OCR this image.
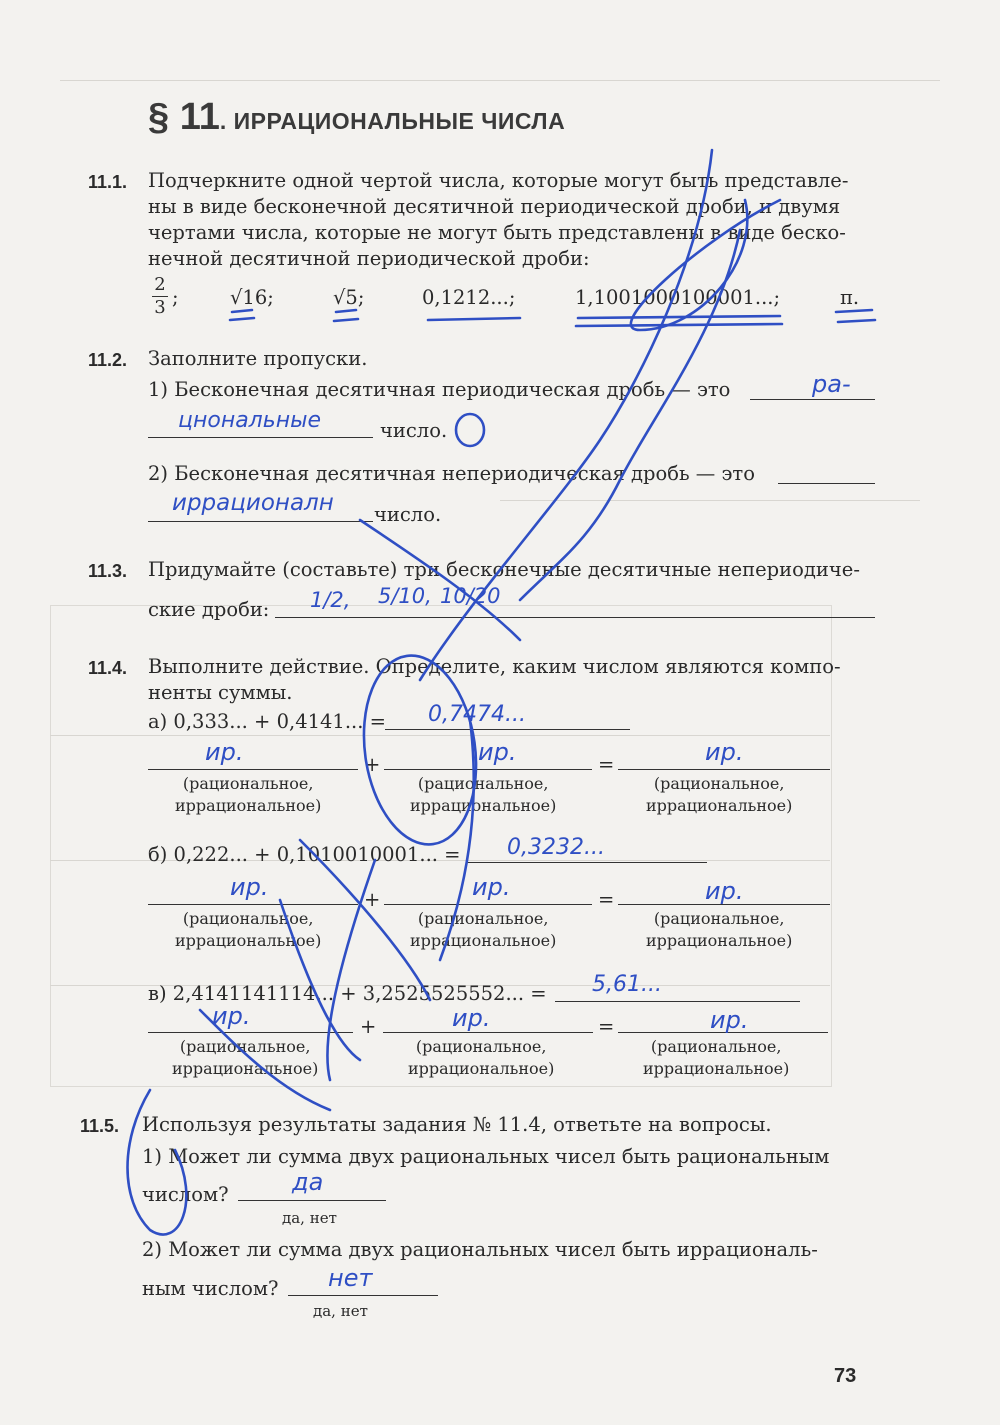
§ 11. ИРРАЦИОНАЛЬНЫЕ ЧИСЛА
11.1. Подчеркните одной чертой числа, которые могут быть представле-
ны в виде бесконечной десятичной периодической дроби, и двумя
чертами числа, которые не могут быть представлены в виде беско-
нечной десятичной периодической дроби:
2
3 ;	√16;	√5;	0,1212...;	1,1001000100001...;	π.
11.2. Заполните пропуски.
1) Бесконечная десятичная периодическая дробь — это	ра-
цнональные	число.
2) Бесконечная десятичная непериодическая дробь — это
иррационалн число.
11.3. Придумайте (составьте) три бесконечные десятичные непериодиче-
ские дроби: 1/2, 5/10, 10/20
11.4. Выполните действие. Определите, каким числом являются компо-
ненты суммы.
а) 0,333... + 0,4141... = 0,7474...
+	=
ир.	ир.	ир.
(рациональное,
иррациональное)
(рациональное,
иррациональное)
(рациональное,
иррациональное)
б) 0,222... + 0,1010010001... = 0,3232...
+	=
ир.	ир.	ир.
(рациональное,
иррациональное)
(рациональное,
иррациональное)
(рациональное,
иррациональное)
в) 2,4141141114... + 3,2525525552... = 5,61...
+	=
ир.	ир.	ир.
(рациональное,
иррациональное)
(рациональное,
иррациональное)
(рациональное,
иррациональное)
11.5. Используя результаты задания № 11.4, ответьте на вопросы.
1) Может ли сумма двух рациональных чисел быть рациональным
числом?	да
да, нет
2) Может ли сумма двух рациональных чисел быть иррациональ-
ным числом? нет
да, нет
73
